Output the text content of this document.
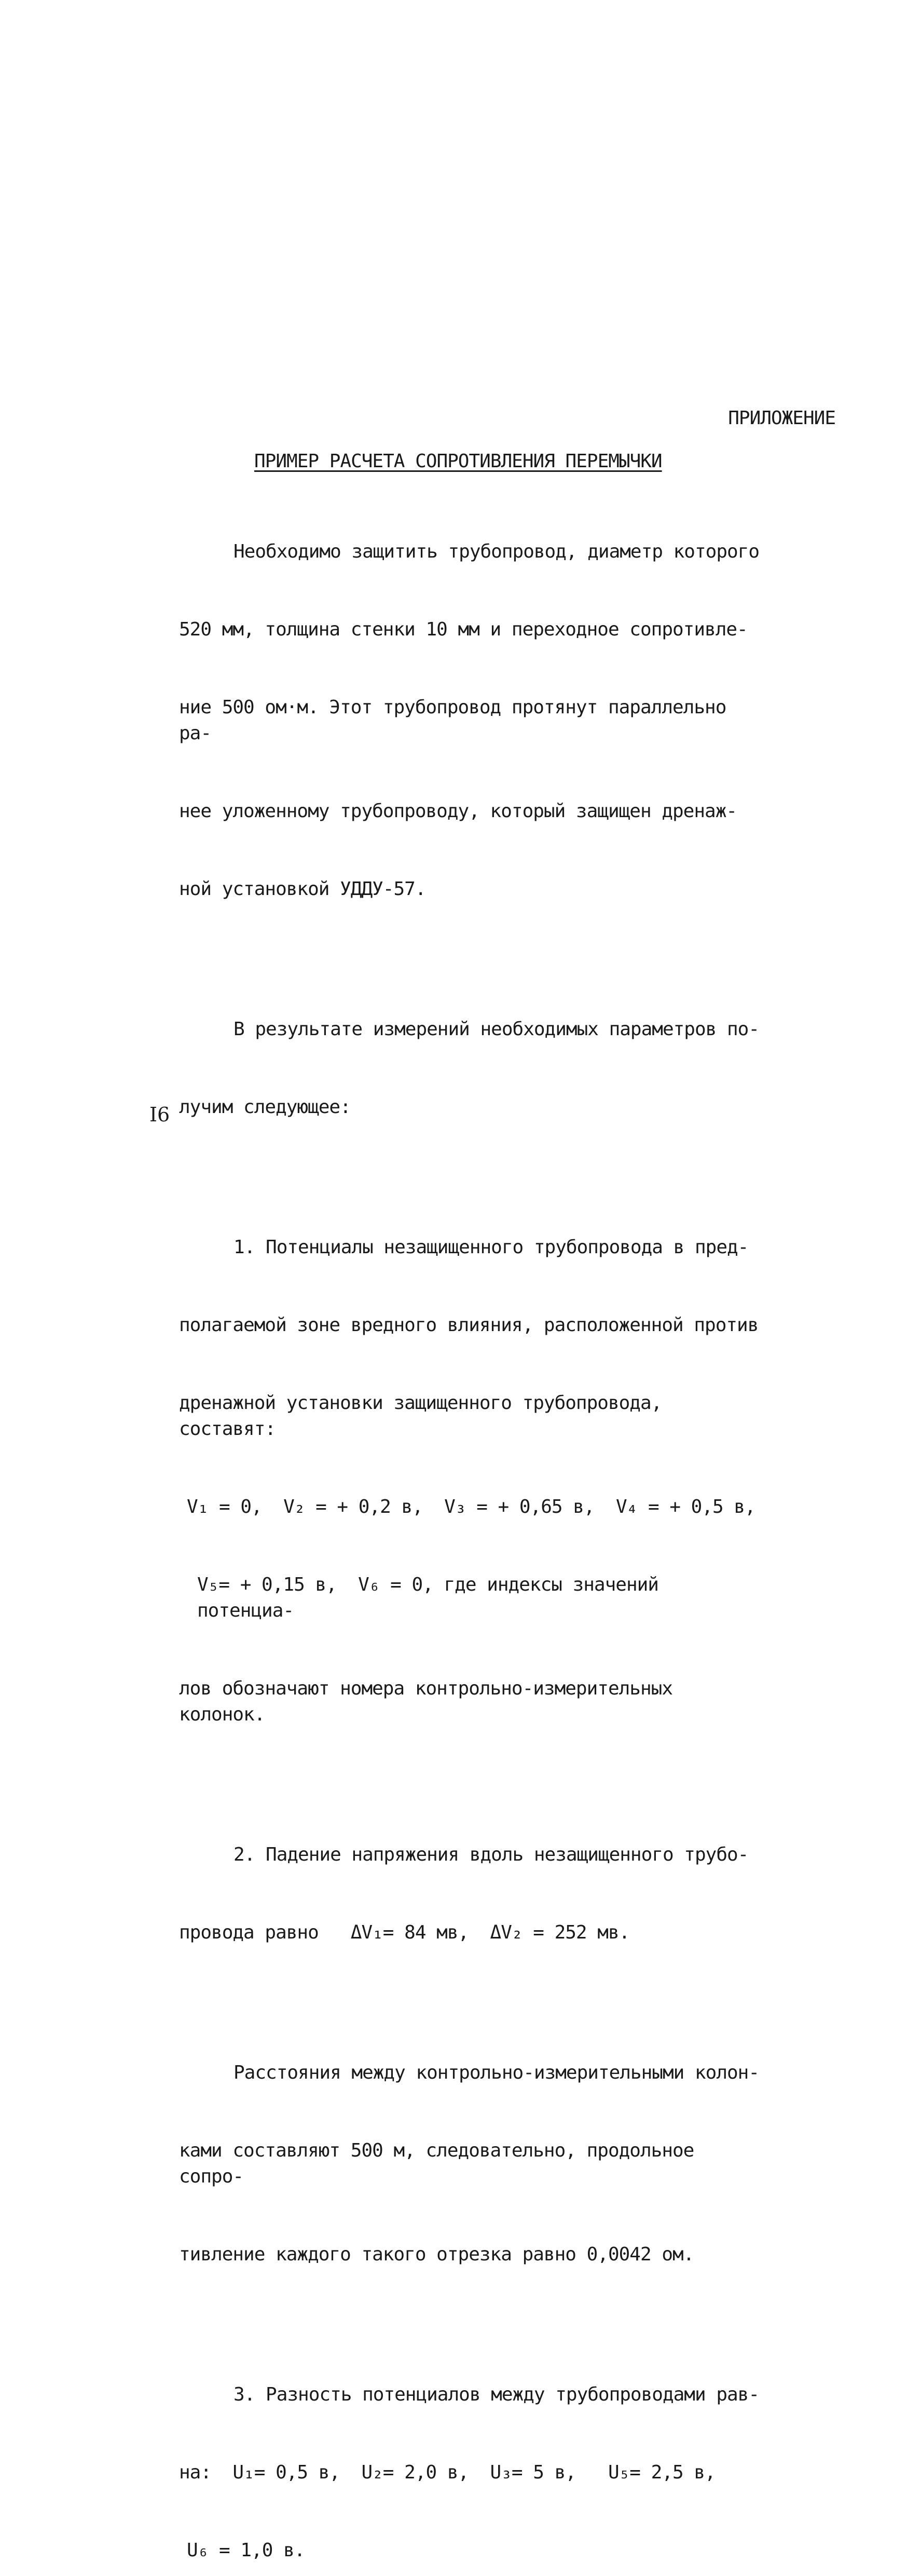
ПРИЛОЖЕНИЕ
ПРИМЕР РАСЧЕТА СОПРОТИВЛЕНИЯ ПЕРЕМЫЧКИ

Необходимо защитить трубопровод, диаметр которого

520 мм, толщина стенки 10 мм и переходное сопротивле-

ние 500 ом·м. Этот трубопровод протянут параллельно ра-

нее уложенному трубопроводу, который защищен дренаж-

ной установкой УДДУ-57.

В результате измерений необходимых параметров по-

лучим следующее:

1. Потенциалы незащищенного трубопровода в пред-

полагаемой зоне вредного влияния, расположенной против

дренажной установки защищенного трубопровода, составят:

V₁ = 0,  V₂ = + 0,2 в,  V₃ = + 0,65 в,  V₄ = + 0,5 в,

V₅= + 0,15 в,  V₆ = 0, где индексы значений потенциа-

лов обозначают номера контрольно-измерительных колонок.

2. Падение напряжения вдоль незащищенного трубо-

провода равно   ΔV₁= 84 мв,  ΔV₂ = 252 мв.

Расстояния между контрольно-измерительными колон-

ками составляют 500 м, следовательно, продольное сопро-

тивление каждого такого отрезка равно 0,0042 ом.

3. Разность потенциалов между трубопроводами рав-

на:  U₁= 0,5 в,  U₂= 2,0 в,  U₃= 5 в,   U₅= 2,5 в,

U₆ = 1,0 в.

I6
